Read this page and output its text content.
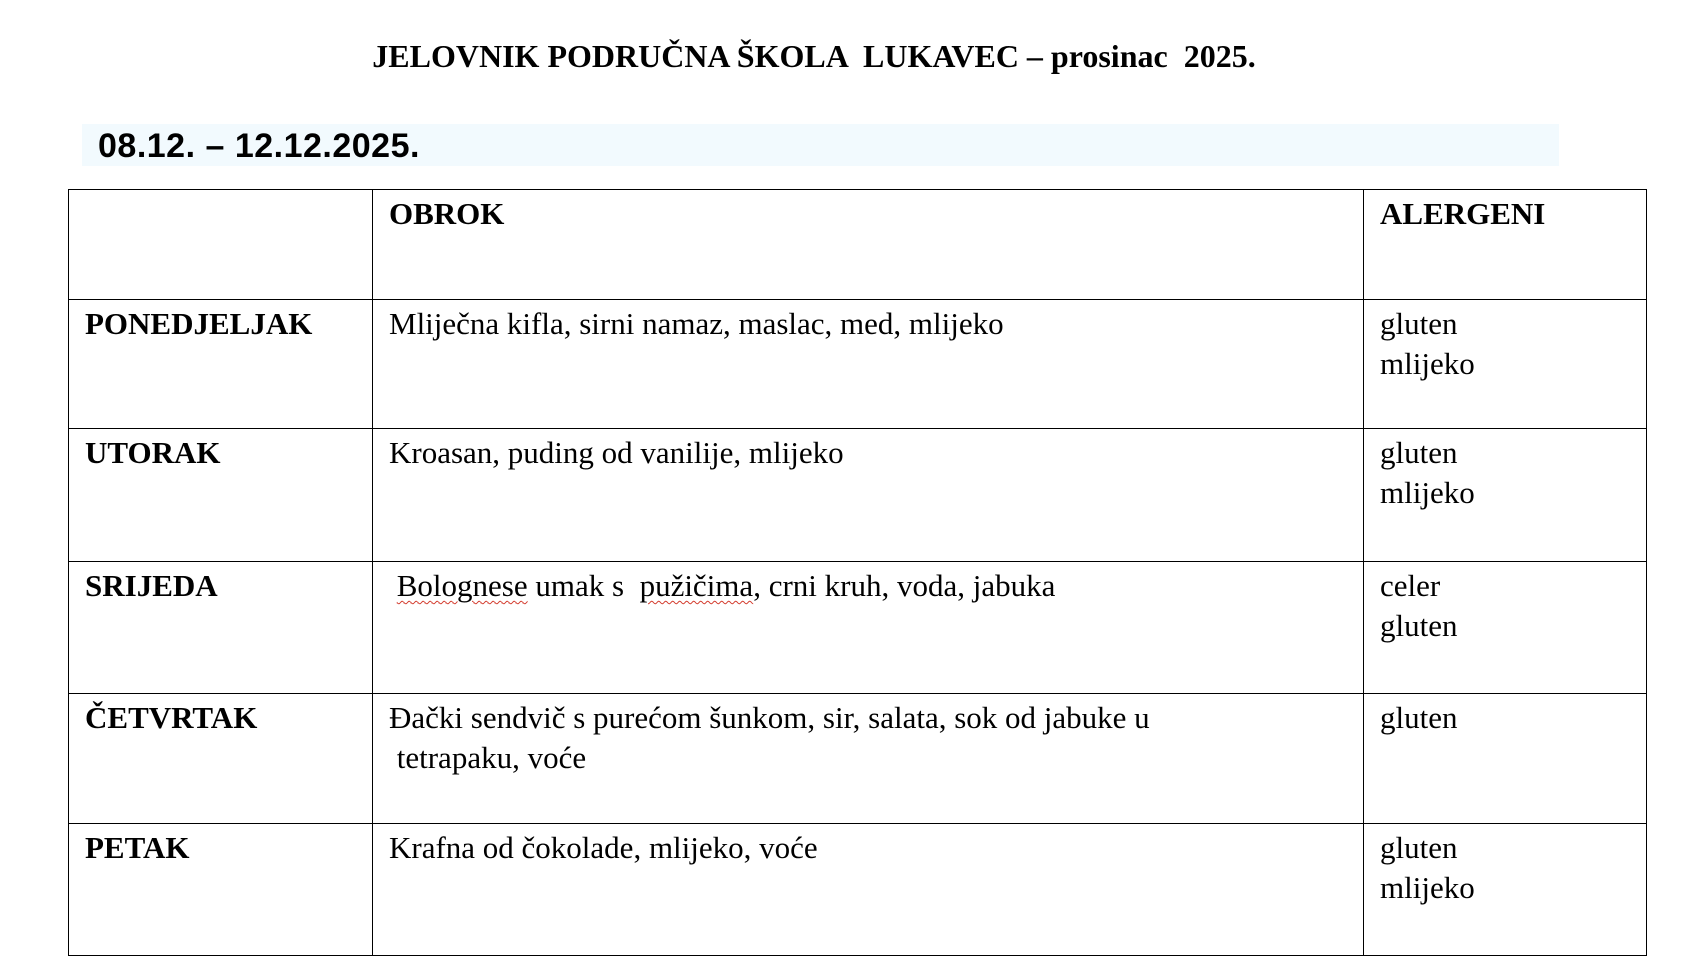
JELOVNIK PODRUČNA ŠKOLA  LUKAVEC – prosinac  2025.
08.12. – 12.12.2025.
	OBROK	ALERGENI
PONEDJELJAK	Mliječna kifla, sirni namaz, maslac, med, mlijeko	gluten
mlijeko

UTORAK	Kroasan, puding od vanilije, mlijeko	gluten
mlijeko

SRIJEDA	Bolognese umak s  pužičima, crni kruh, voda, jabuka	celer
gluten

ČETVRTAK	Đački sendvič s purećom šunkom, sir, salata, sok od jabuke u
tetrapaku, voće	gluten

PETAK	Krafna od čokolade, mlijeko, voće	gluten
mlijeko
